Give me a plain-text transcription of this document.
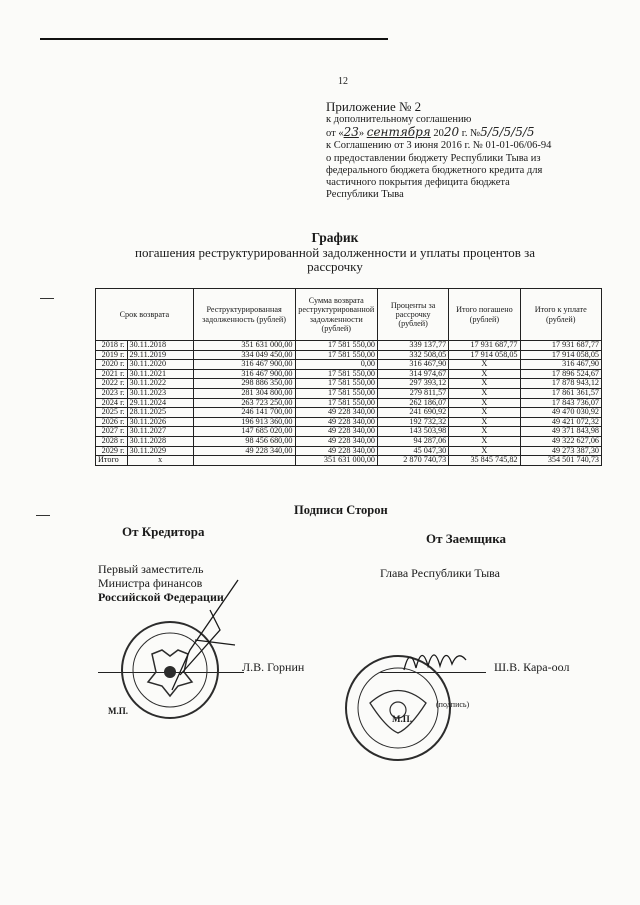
12
Приложение № 2
к дополнительному соглашению
от «23» сентября 2020 г. №5/5/5/5/5
к Соглашению от 3 июня 2016 г. № 01-01-06/06-94
о предоставлении бюджету Республики Тыва из
федерального бюджета бюджетного кредита для
частичного покрытия дефицита бюджета
Республики Тыва
График
погашения реструктурированной задолженности и уплаты процентов за
рассрочку
Срок возврата		Реструктурированная задолженность (рублей)	Сумма возврата реструктурированной задолженности (рублей)	Проценты за рассрочку (рублей)	Итого погашено (рублей)	Итого к уплате (рублей)
2018 г.	30.11.2018	351 631 000,00	17 581 550,00	339 137,77	17 931 687,77	17 931 687,77
2019 г.	29.11.2019	334 049 450,00	17 581 550,00	332 508,05	17 914 058,05	17 914 058,05
2020 г.	30.11.2020	316 467 900,00	0,00	316 467,90	X	316 467,90
2021 г.	30.11.2021	316 467 900,00	17 581 550,00	314 974,67	X	17 896 524,67
2022 г.	30.11.2022	298 886 350,00	17 581 550,00	297 393,12	X	17 878 943,12
2023 г.	30.11.2023	281 304 800,00	17 581 550,00	279 811,57	X	17 861 361,57
2024 г.	29.11.2024	263 723 250,00	17 581 550,00	262 186,07	X	17 843 736,07
2025 г.	28.11.2025	246 141 700,00	49 228 340,00	241 690,92	X	49 470 030,92
2026 г.	30.11.2026	196 913 360,00	49 228 340,00	192 732,32	X	49 421 072,32
2027 г.	30.11.2027	147 685 020,00	49 228 340,00	143 503,98	X	49 371 843,98
2028 г.	30.11.2028	98 456 680,00	49 228 340,00	94 287,06	X	49 322 627,06
2029 г.	30.11.2029	49 228 340,00	49 228 340,00	45 047,30	X	49 273 387,30
Итого	х		351 631 000,00	2 870 740,73	35 845 745,82	354 501 740,73
Подписи Сторон
От Кредитора	От Заемщика
Первый заместитель
Министра финансов
Российской Федерации
Глава Республики Тыва
Л.В. Горнин	Ш.В. Кара-оол
М.П.
М.П.
(подпись)
